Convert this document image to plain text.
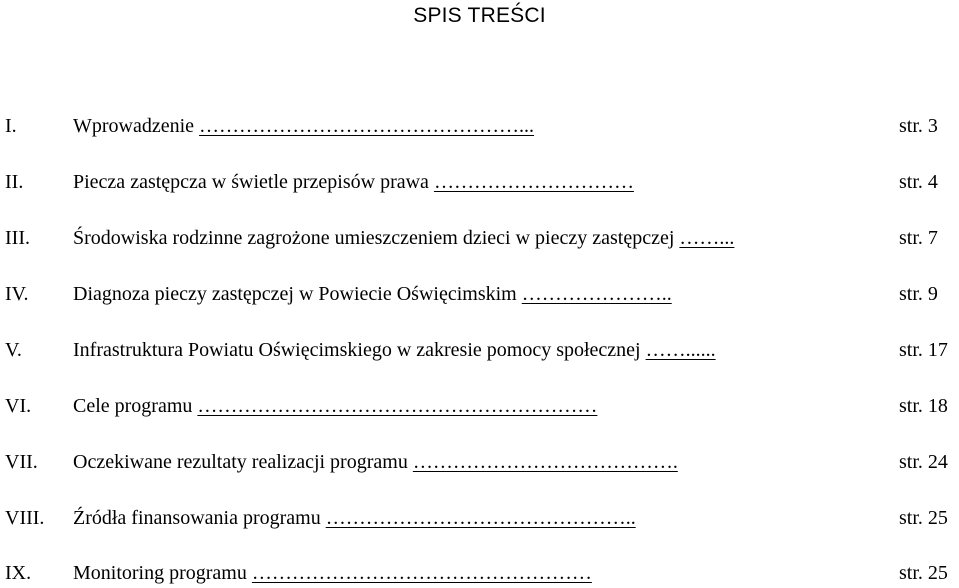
SPIS TREŚCI
I.	Wprowadzenie …………………………………………...	str. 3
II. Piecza zastępcza w świetle przepisów prawa …………………………	str. 4
III. Środowiska rodzinne zagrożone umieszczeniem dzieci w pieczy zastępczej ……...	str. 7
IV. Diagnoza pieczy zastępczej w Powiecie Oświęcimskim …………………..	str. 9
V.	Infrastruktura Powiatu Oświęcimskiego w zakresie pomocy społecznej ……......	str. 17
VI. Cele programu ……………………………………………………	str. 18
VII. Oczekiwane rezultaty realizacji programu ………………………………….	str. 24
VIII. Źródła finansowania programu ………………………………………..	str. 25
IX. Monitoring programu ……………………………………………	str. 25
